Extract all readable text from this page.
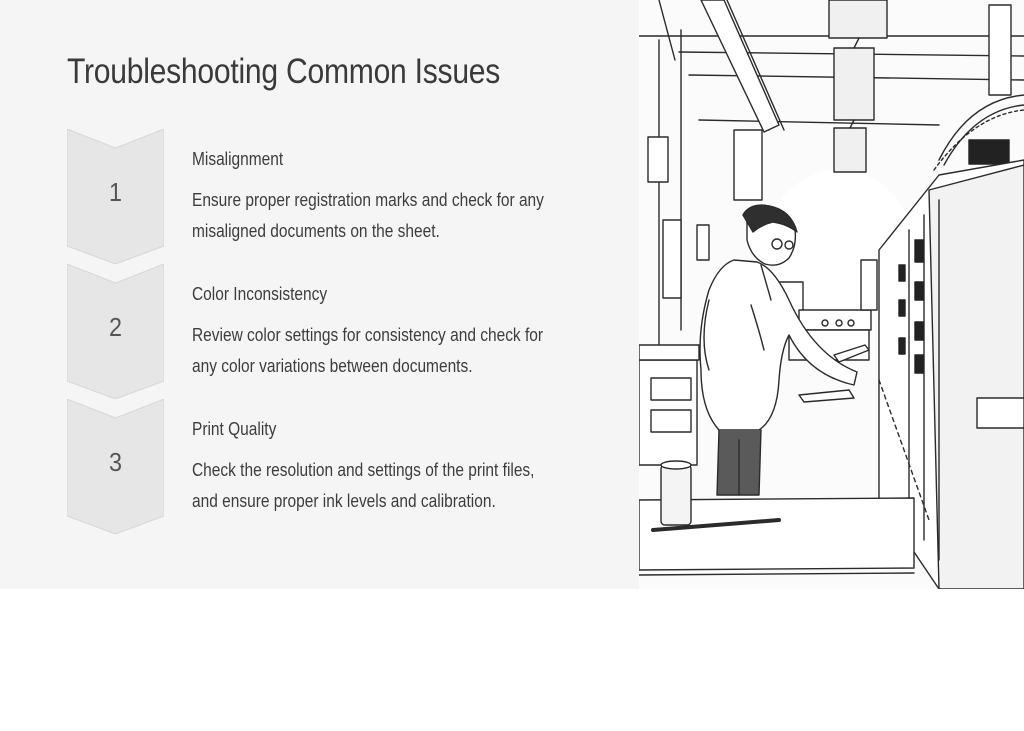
Troubleshooting Common Issues
1
Misalignment

Ensure proper registration marks and check for any misaligned documents on the sheet.

2
Color Inconsistency

Review color settings for consistency and check for any color variations between documents.

3
Print Quality

Check the resolution and settings of the print files, and ensure proper ink levels and calibration.
